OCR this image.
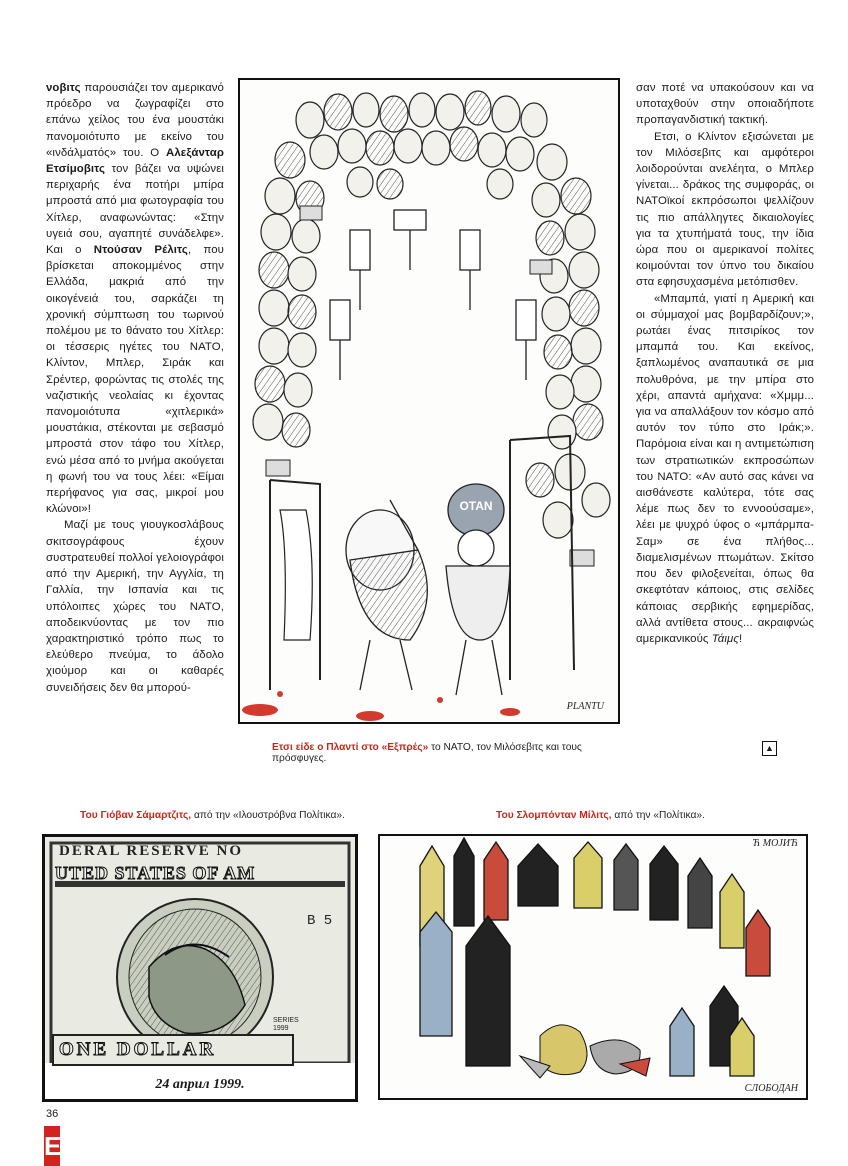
νοβιτς παρουσιάζει τον αμερικανό πρόεδρο να ζωγραφίζει στο επάνω χείλος του ένα μουστάκι πανομοιότυπο με εκείνο του «ινδάλματός» του. Ο Αλεξάνταρ Ετσίμοβιτς τον βάζει να υψώνει περιχαρής ένα ποτήρι μπίρα μπροστά από μια φωτογραφία του Χίτλερ, αναφωνώντας: «Στην υγειά σου, αγαπητέ συνάδελφε». Και ο Ντούσαν Ρέλιτς, που βρίσκεται αποκομμένος στην Ελλάδα, μακριά από την οικογένειά του, σαρκάζει τη χρονική σύμπτωση του τωρινού πολέμου με το θάνατο του Χίτλερ: οι τέσσερις ηγέτες του ΝΑΤΟ, Κλίντον, Μπλερ, Σιράκ και Σρέντερ, φορώντας τις στολές της ναζιστικής νεολαίας κι έχοντας πανομοιότυπα «χιτλερικά» μουστάκια, στέκονται με σεβασμό μπροστά στον τάφο του Χίτλερ, ενώ μέσα από το μνήμα ακούγεται η φωνή του να τους λέει: «Είμαι περήφανος για σας, μικροί μου κλώνοι»!

Μαζί με τους γιουγκοσλάβους σκιτσογράφους έχουν συστρατευθεί πολλοί γελοιογράφοι από την Αμερική, την Αγγλία, τη Γαλλία, την Ισπανία και τις υπόλοιπες χώρες του ΝΑΤΟ, αποδεικνύοντας με τον πιο χαρακτηριστικό τρόπο πως το ελεύθερο πνεύμα, το άδολο χιούμορ και οι καθαρές συνειδήσεις δεν θα μπορού-

OTAN
PLANTU

σαν ποτέ να υπακούσουν και να υποταχθούν στην οποιαδήποτε προπαγανδιστική τακτική.

Ετσι, ο Κλίντον εξισώνεται με τον Μιλόσεβιτς και αμφότεροι λοιδορούνται ανελέητα, ο Μπλερ γίνεται... δράκος της συμφοράς, οι ΝΑΤΟϊκοί εκπρόσωποι ψελλίζουν τις πιο απάλληγτες δικαιολογίες για τα χτυπήματά τους, την ίδια ώρα που οι αμερικανοί πολίτες κοιμούνται τον ύπνο του δικαίου στα εφησυχασμένα μετόπισθεν.

«Μπαμπά, γιατί η Αμερική και οι σύμμαχοί μας βομβαρδίζουν;», ρωτάει ένας πιτσιρίκος τον μπαμπά του. Και εκείνος, ξαπλωμένος αναπαυτικά σε μια πολυθρόνα, με την μπίρα στο χέρι, απαντά αμήχανα: «Χμμμ... για να απαλλάξουν τον κόσμο από αυτόν τον τύπο στο Ιράκ;». Παρόμοια είναι και η αντιμετώπιση των στρατιωτικών εκπροσώπων του ΝΑΤΟ: «Αν αυτό σας κάνει να αισθάνεστε καλύτερα, τότε σας λέμε πως δεν το εννοούσαμε», λέει με ψυχρό ύφος ο «μπάρμπα-Σαμ» σε ένα πλήθος... διαμελισμένων πτωμάτων. Σκίτσο που δεν φιλοξενείται, όπως θα σκεφτόταν κάποιος, στις σελίδες κάποιας σερβικής εφημερίδας, αλλά αντίθετα στους... ακραιφνώς αμερικανικούς Τάιμς!

▲
Ετσι είδε ο Πλαντί στο «Εξπρές» το ΝΑΤΟ, τον Μιλόσεβιτς και τους πρόσφυγες.
Του Γιόβαν Σάμαρτζιτς, από την «Ιλουστρόβνα Πολίτικα».	Του Σλομπόνταν Μίλιτς, από την «Πολίτικα».
DERAL RESERVE NO
UTED STATES OF AM
B 5
SERIES 1999
ONE DOLLAR
24 април 1999.
Ћ МОЈИЋ
СЛОБОДАН
36
E
